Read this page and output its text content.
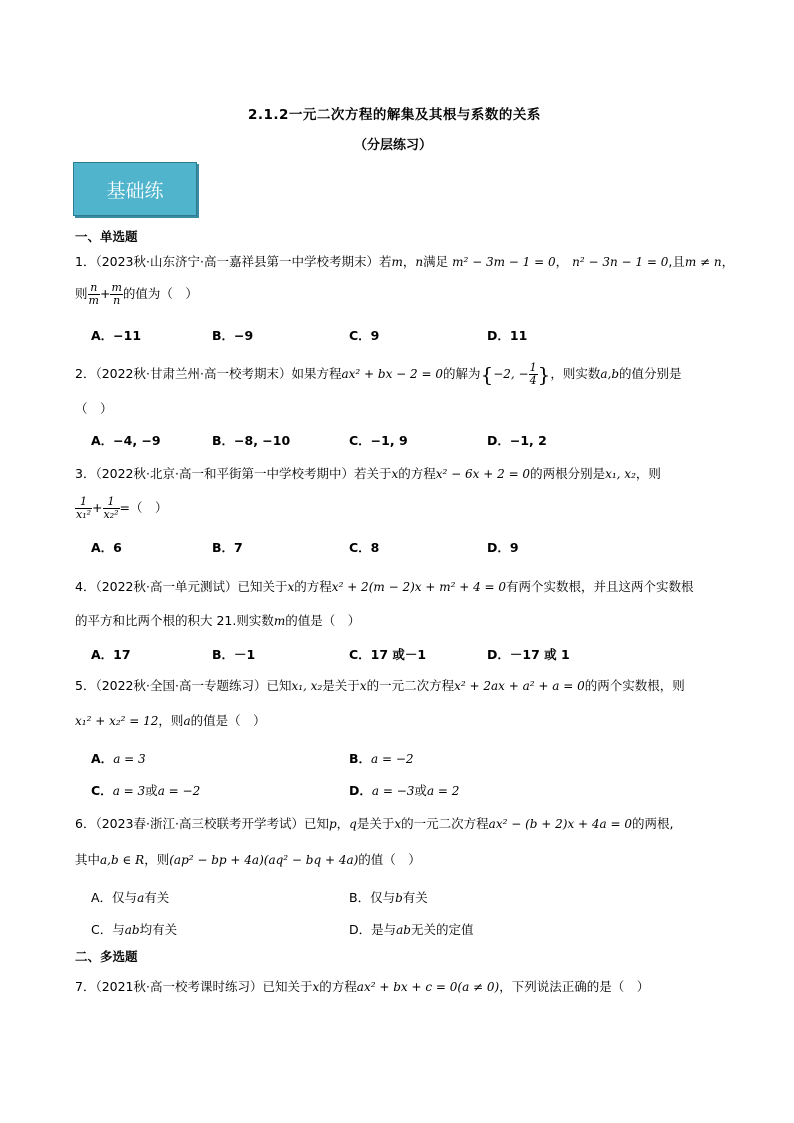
2.1.2一元二次方程的解集及其根与系数的关系
（分层练习）
基础练
一、单选题
1．（2023秋·山东济宁·高一嘉祥县第一中学校考期末）若m，n满足 m² − 3m − 1 = 0， n² − 3n − 1 = 0,且m ≠ n，
则 $\frac{n}{m} + \frac{m}{n}$ 的值为（　）
A．−11	B．−9	C．9	D．11
2．（2022秋·甘肃兰州·高一校考期末）如果方程ax² + bx − 2 = 0的解为{−2, − $\frac{1}{4}$ }，则实数a,b的值分别是
（　）
A．−4, −9	B．−8, −10	C．−1, 9	D．−1, 2
3．（2022秋·北京·高一和平街第一中学校考期中）若关于x的方程x² − 6x + 2 = 0的两根分别是x₁, x₂，则
$\frac{1}{\text{x₁²}} + \frac{1}{\text{x₂²}}$ =（　）
A．6	B．7	C．8	D．9
4．（2022秋·高一单元测试）已知关于x的方程x² + 2(m − 2)x + m² + 4 = 0有两个实数根，并且这两个实数根
的平方和比两个根的积大 21.则实数m的值是（　）
A．17	B．－1	C．17 或－1	D．－17 或 1
5．（2022秋·全国·高一专题练习）已知x₁, x₂是关于x的一元二次方程x² + 2ax + a² + a = 0的两个实数根，则
x₁² + x₂² = 12，则a的值是（　）
A．a = 3	B．a = −2
C．a = 3或a = −2	D．a = −3或a = 2
6．（2023春·浙江·高三校联考开学考试）已知p，q是关于x的一元二次方程ax² − (b + 2)x + 4a = 0的两根,
其中a,b ∈ R，则(ap² − bp + 4a)(aq² − bq + 4a)的值（　）
A．仅与a有关	B．仅与b有关
C．与ab均有关	D．是与ab无关的定值
二、多选题
7．（2021秋·高一校考课时练习）已知关于x的方程ax² + bx + c = 0(a ≠ 0)，下列说法正确的是（　）
